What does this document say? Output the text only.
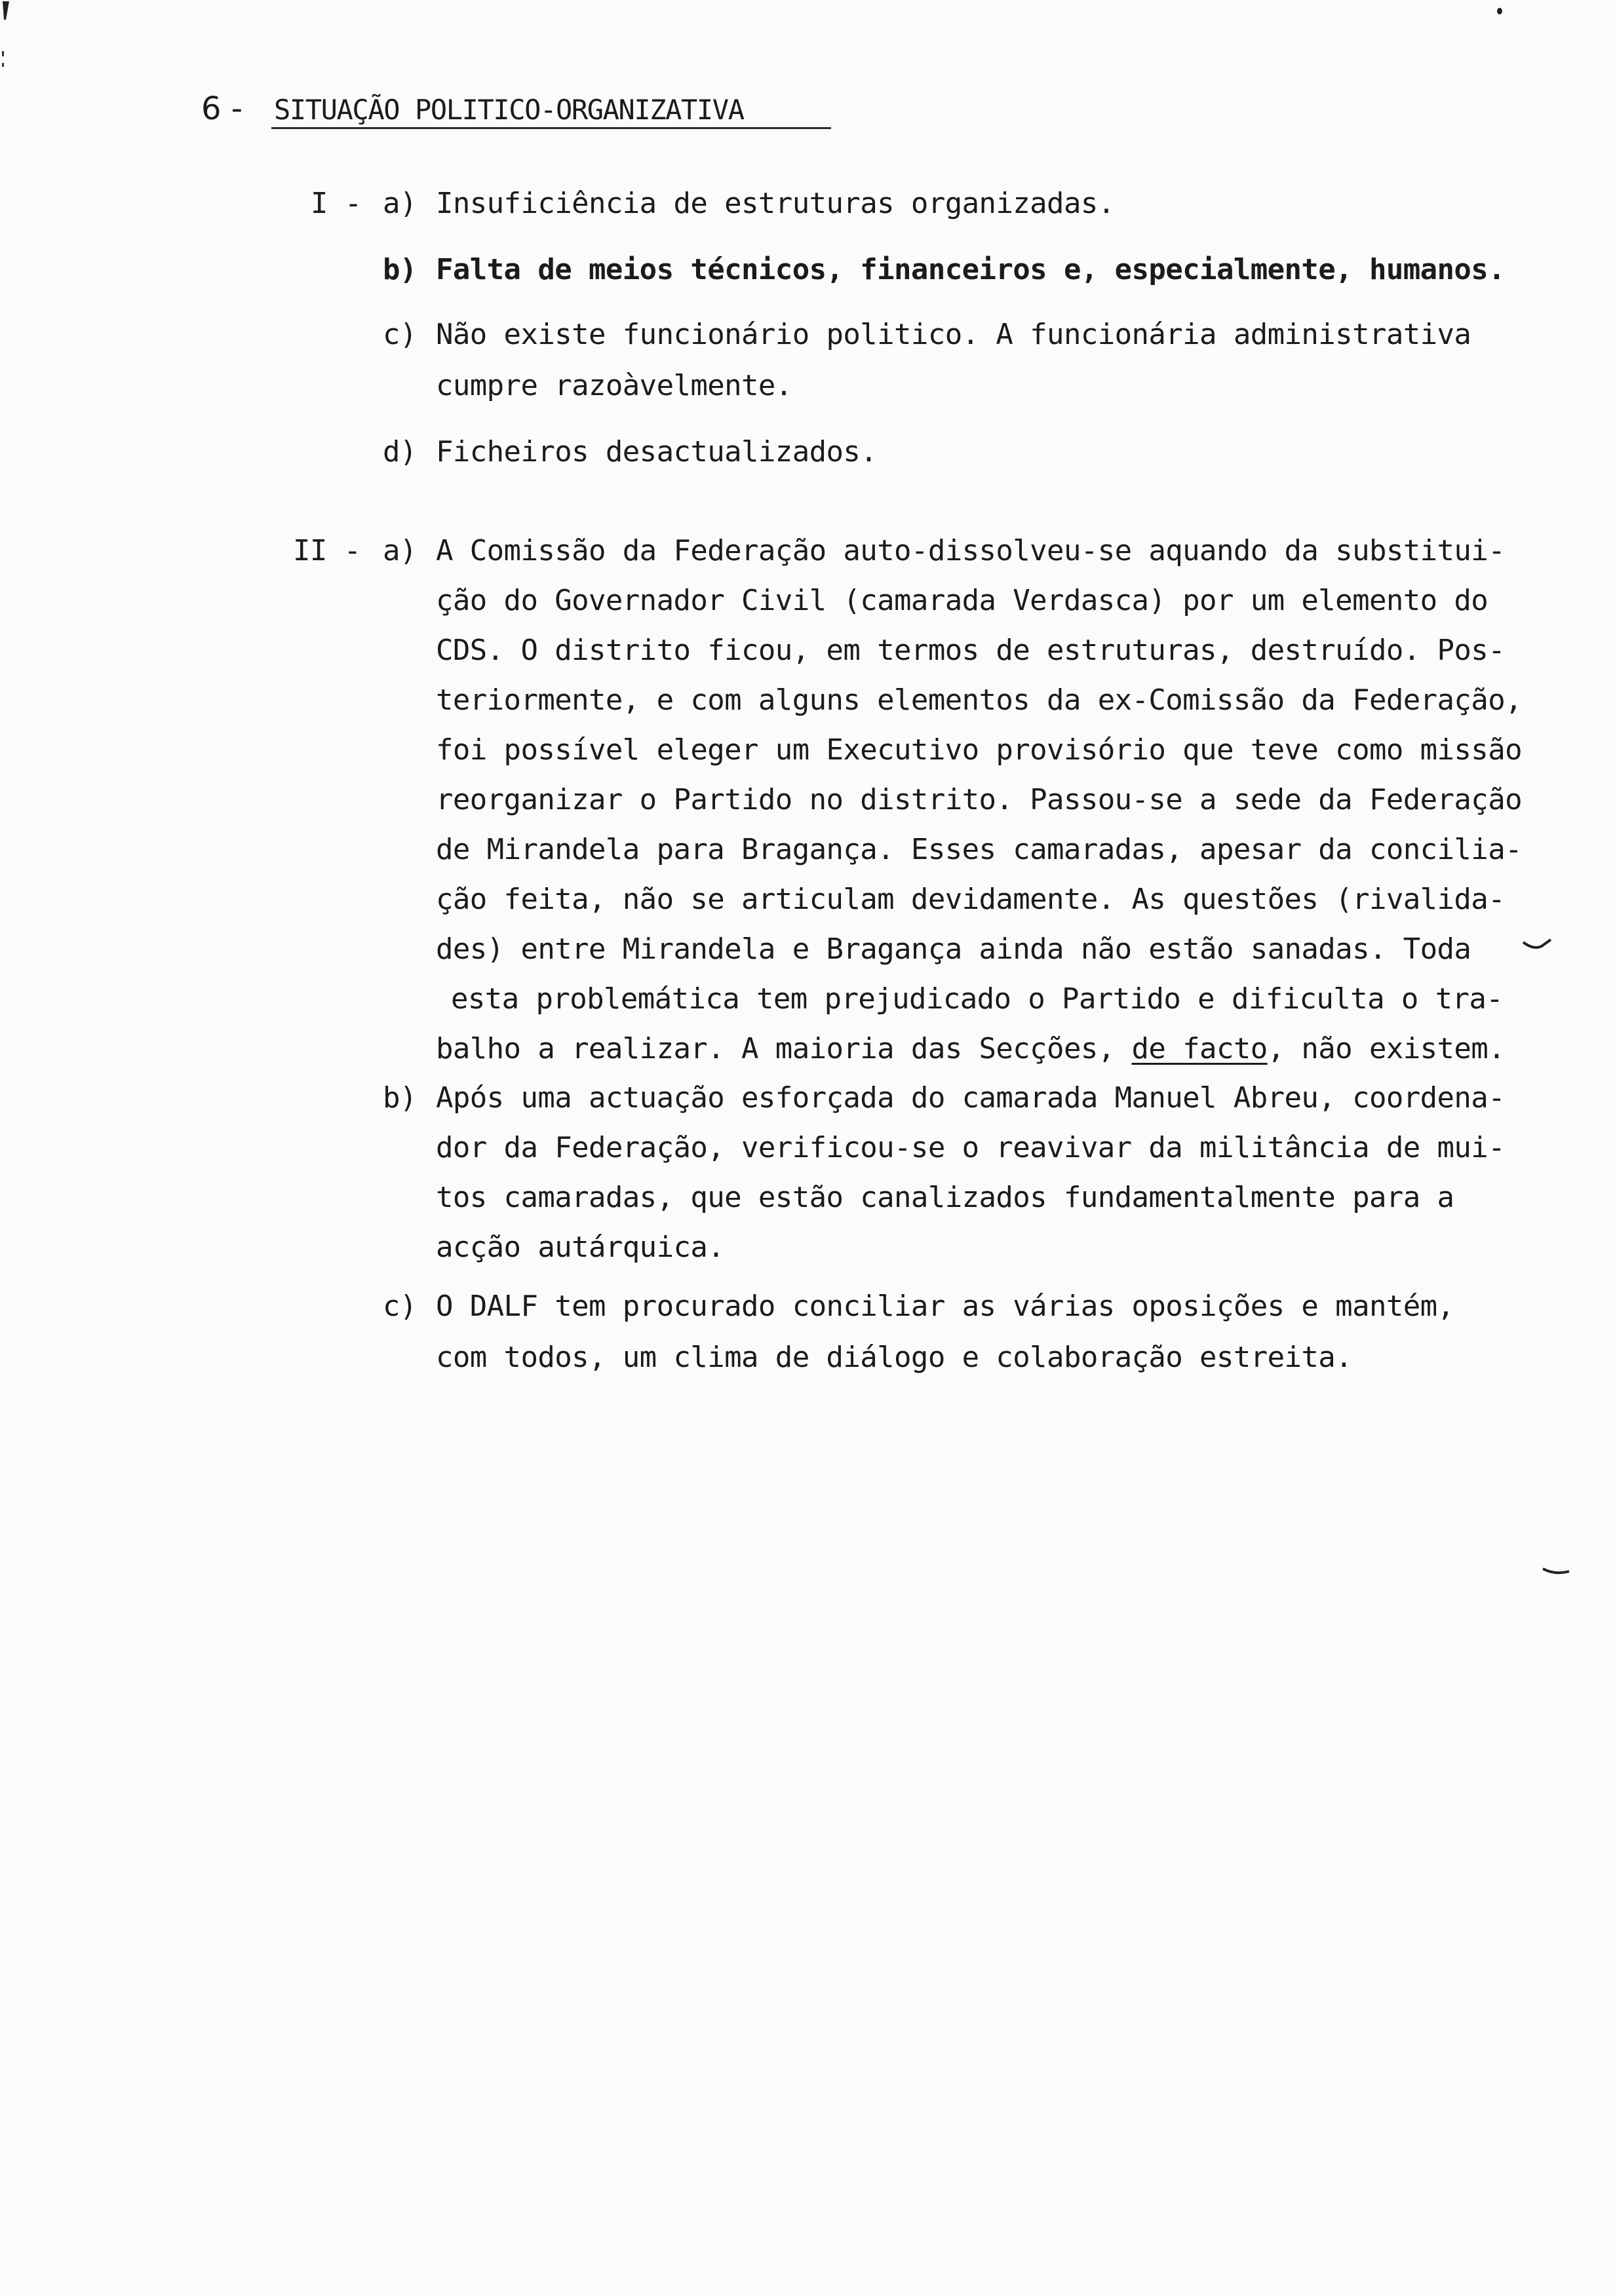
6 - SITUAÇÃO POLITICO-ORGANIZATIVA
I - a) Insuficiência de estruturas organizadas.
b) Falta de meios técnicos, financeiros e, especialmente, humanos.
c) Não existe funcionário politico. A funcionária administrativa
cumpre razoàvelmente.
d) Ficheiros desactualizados.
II - a) A Comissão da Federação auto-dissolveu-se aquando da substitui-
ção do Governador Civil (camarada Verdasca) por um elemento do
CDS. O distrito ficou, em termos de estruturas, destruído. Pos-
teriormente, e com alguns elementos da ex-Comissão da Federação,
foi possível eleger um Executivo provisório que teve como missão
reorganizar o Partido no distrito. Passou-se a sede da Federação
de Mirandela para Bragança. Esses camaradas, apesar da concilia-
ção feita, não se articulam devidamente. As questões (rivalida-
des) entre Mirandela e Bragança ainda não estão sanadas. Toda
esta problemática tem prejudicado o Partido e dificulta o tra-
balho a realizar. A maioria das Secções, de facto, não existem.
b) Após uma actuação esforçada do camarada Manuel Abreu, coordena-
dor da Federação, verificou-se o reavivar da militância de mui-
tos camaradas, que estão canalizados fundamentalmente para a
acção autárquica.
c) O DALF tem procurado conciliar as várias oposições e mantém,
com todos, um clima de diálogo e colaboração estreita.
